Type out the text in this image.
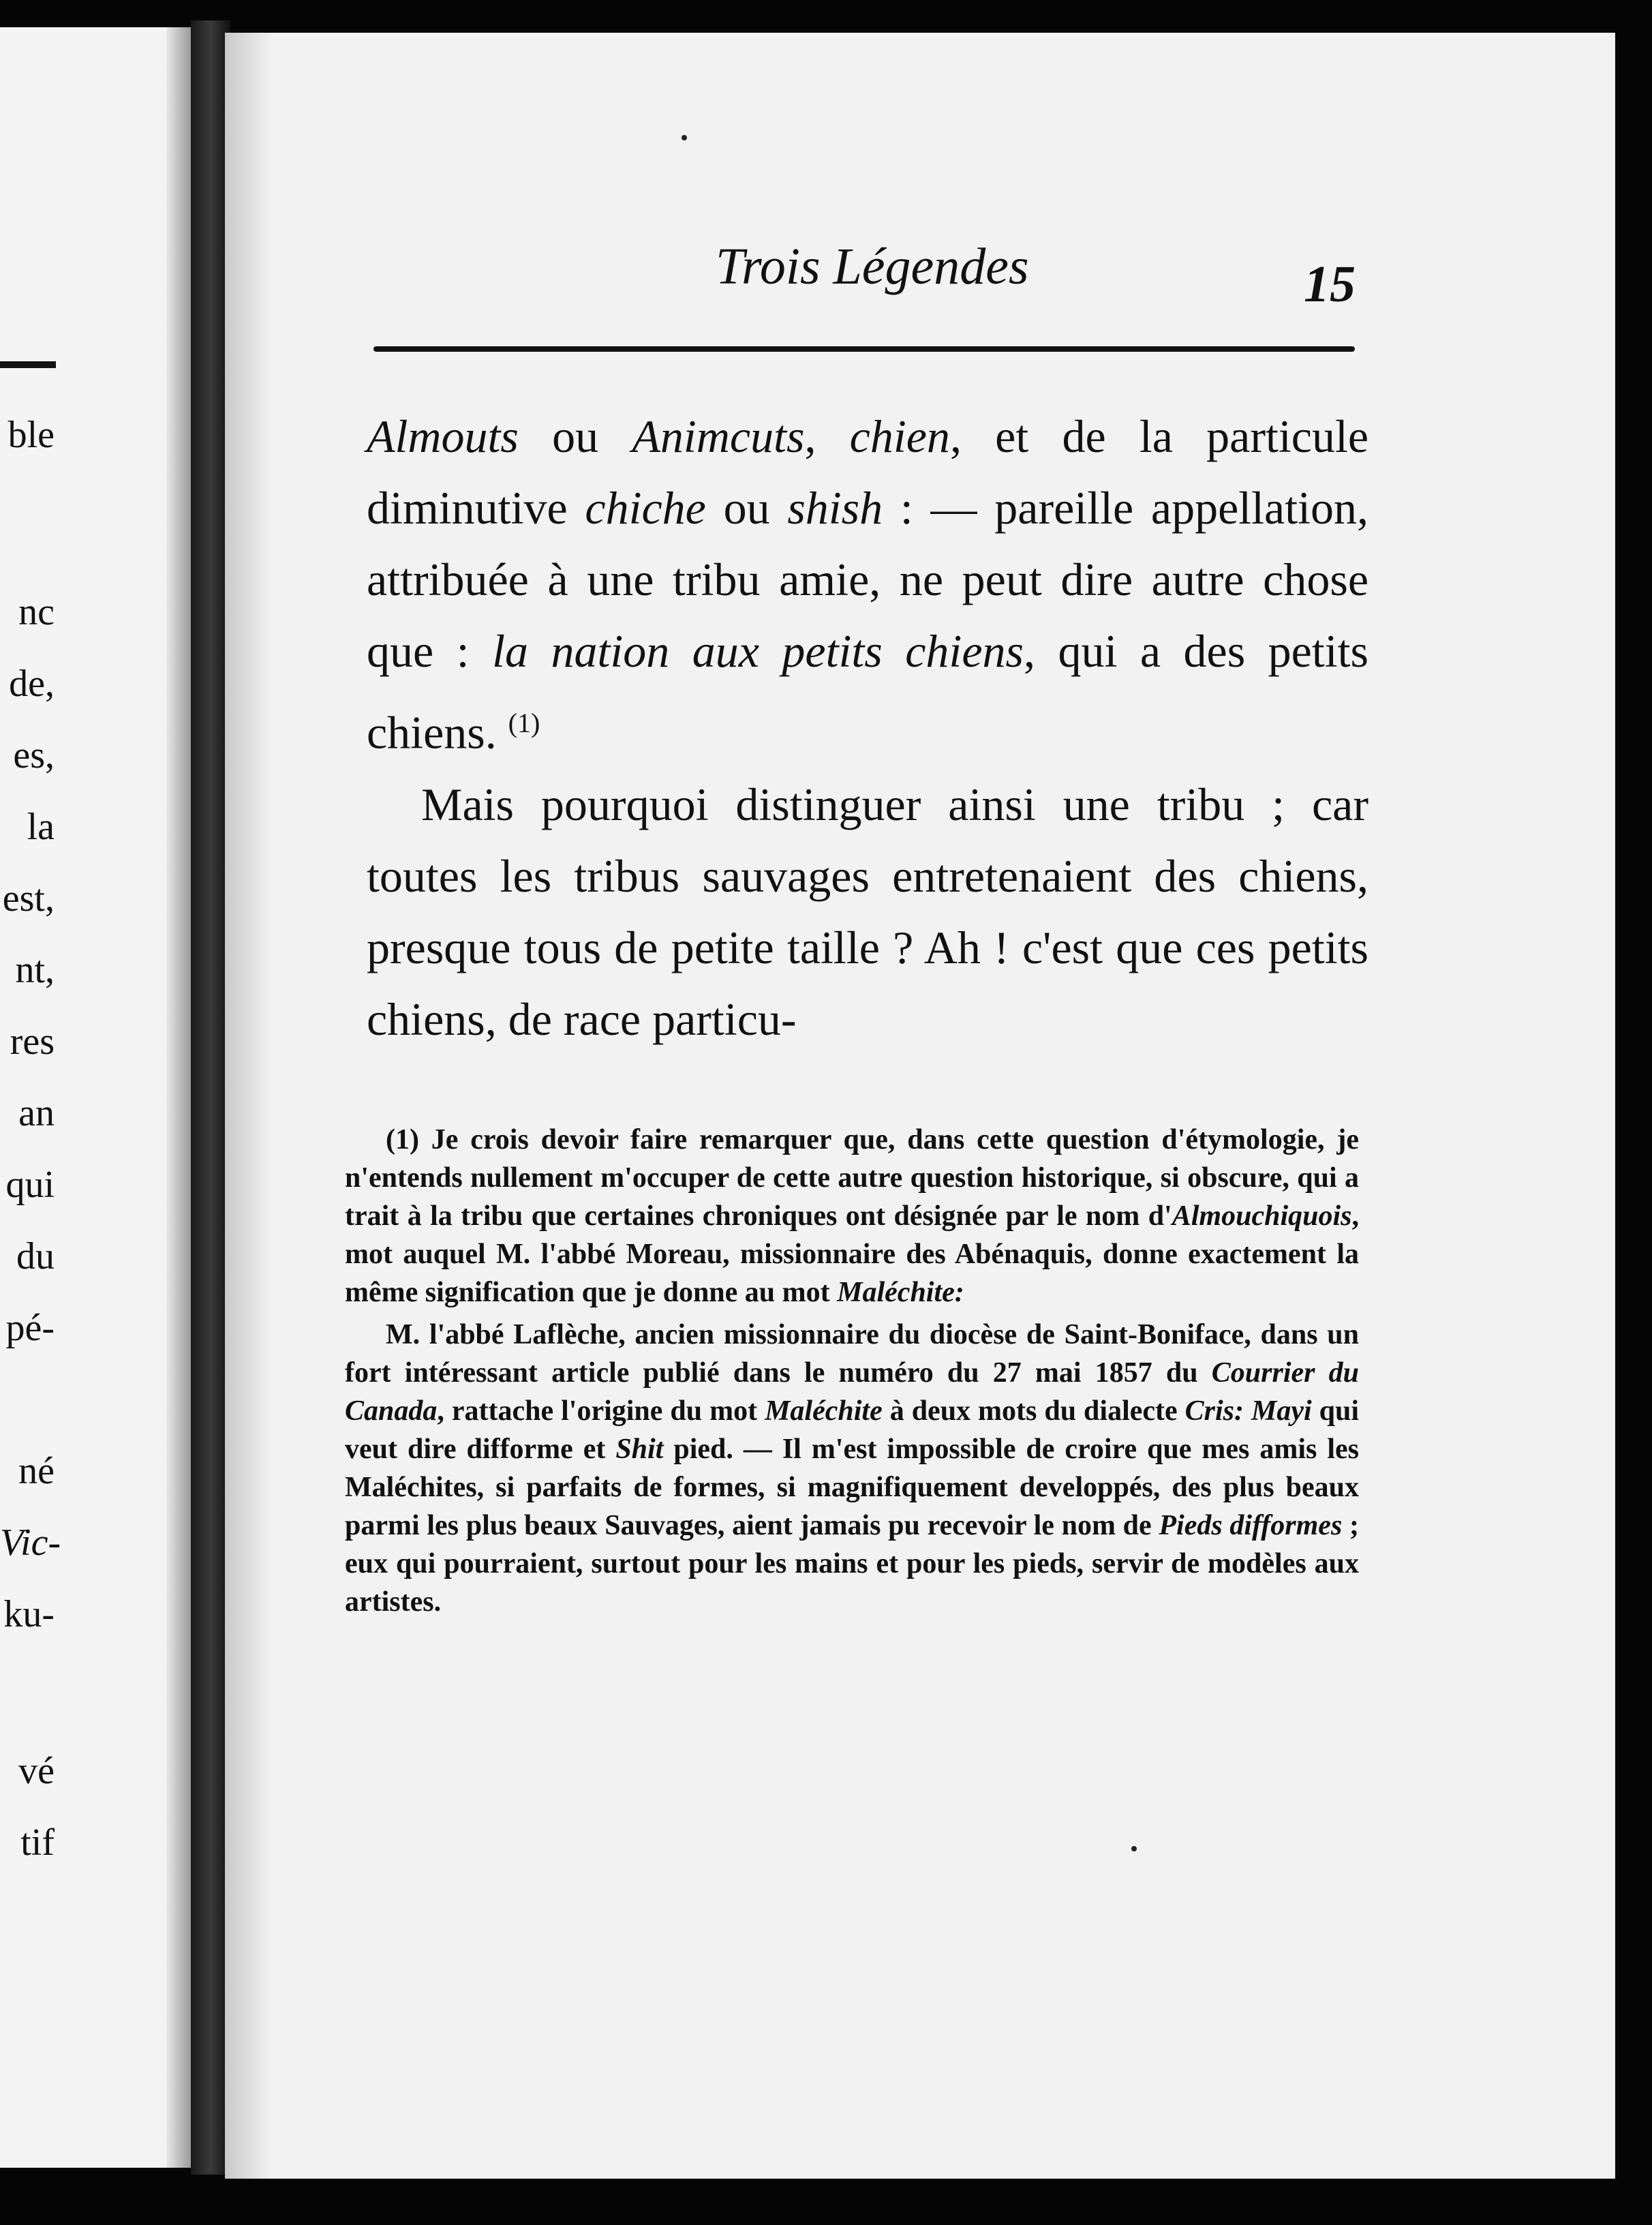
ble
nc
de,
es,
la
est,
nt,
res
an
qui
du
pé-
né
Vic-
ku-
vé
tif
Trois Légendes	15

Almouts ou Animcuts, chien, et de la particule diminutive chiche ou shish : — pareille appellation, attribuée à une tribu amie, ne peut dire autre chose que : la nation aux petits chiens, qui a des petits chiens. $^{(1)}$

Mais pourquoi distinguer ainsi une tribu ; car toutes les tribus sauvages entretenaient des chiens, presque tous de petite taille ? Ah ! c'est que ces petits chiens, de race particu-

(1) Je crois devoir faire remarquer que, dans cette question d'étymologie, je n'entends nullement m'occuper de cette autre question historique, si obscure, qui a trait à la tribu que certaines chroniques ont désignée par le nom d'Almouchiquois, mot auquel M. l'abbé Moreau, missionnaire des Abénaquis, donne exactement la même signification que je donne au mot Maléchite:

M. l'abbé Laflèche, ancien missionnaire du diocèse de Saint-Boniface, dans un fort intéressant article publié dans le numéro du 27 mai 1857 du Courrier du Canada, rattache l'origine du mot Maléchite à deux mots du dialecte Cris: Mayi qui veut dire difforme et Shit pied. — Il m'est impossible de croire que mes amis les Maléchites, si parfaits de formes, si magnifiquement developpés, des plus beaux parmi les plus beaux Sauvages, aient jamais pu recevoir le nom de Pieds difformes ; eux qui pourraient, surtout pour les mains et pour les pieds, servir de modèles aux artistes.
